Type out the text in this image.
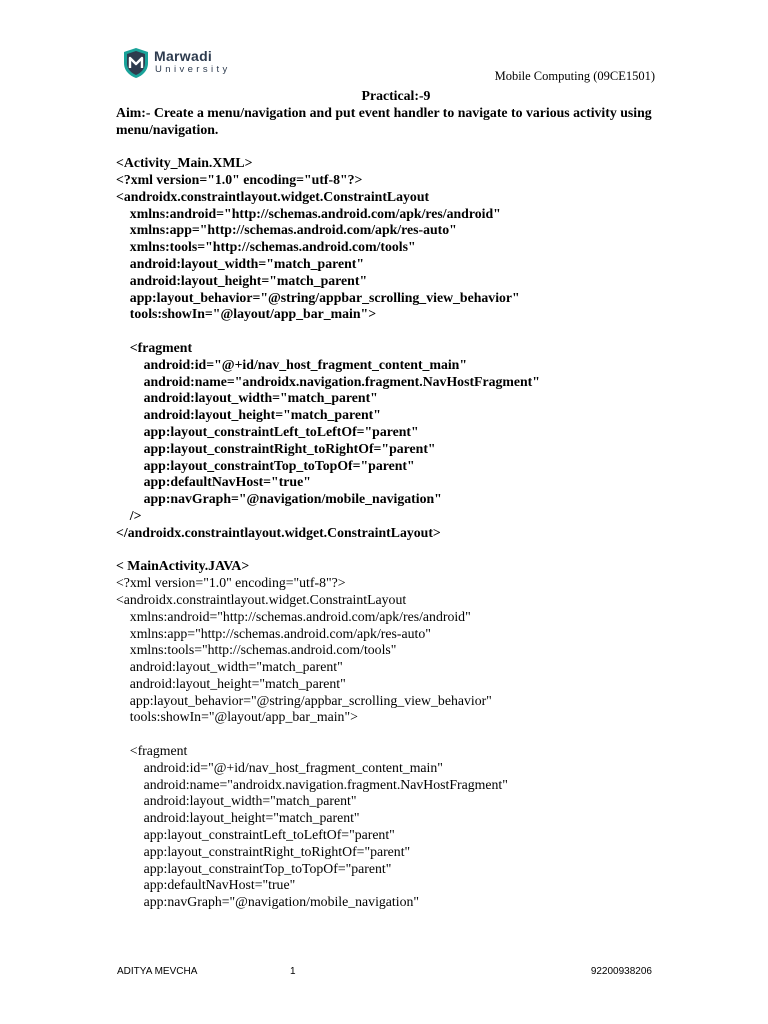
Marwadi
University	Mobile Computing (09CE1501)

Practical:-9

Aim:- Create a menu/navigation and put event handler to navigate to various activity using menu/navigation.

<Activity_Main.XML>

<?xml version="1.0" encoding="utf-8"?>

<androidx.constraintlayout.widget.ConstraintLayout

xmlns:android="http://schemas.android.com/apk/res/android"

xmlns:app="http://schemas.android.com/apk/res-auto"

xmlns:tools="http://schemas.android.com/tools"

android:layout_width="match_parent"

android:layout_height="match_parent"

app:layout_behavior="@string/appbar_scrolling_view_behavior"

tools:showIn="@layout/app_bar_main">

<fragment

android:id="@+id/nav_host_fragment_content_main"

android:name="androidx.navigation.fragment.NavHostFragment"

android:layout_width="match_parent"

android:layout_height="match_parent"

app:layout_constraintLeft_toLeftOf="parent"

app:layout_constraintRight_toRightOf="parent"

app:layout_constraintTop_toTopOf="parent"

app:defaultNavHost="true"

app:navGraph="@navigation/mobile_navigation"

/>

</androidx.constraintlayout.widget.ConstraintLayout>

< MainActivity.JAVA>

<?xml version="1.0" encoding="utf-8"?>

<androidx.constraintlayout.widget.ConstraintLayout

xmlns:android="http://schemas.android.com/apk/res/android"

xmlns:app="http://schemas.android.com/apk/res-auto"

xmlns:tools="http://schemas.android.com/tools"

android:layout_width="match_parent"

android:layout_height="match_parent"

app:layout_behavior="@string/appbar_scrolling_view_behavior"

tools:showIn="@layout/app_bar_main">

<fragment

android:id="@+id/nav_host_fragment_content_main"

android:name="androidx.navigation.fragment.NavHostFragment"

android:layout_width="match_parent"

android:layout_height="match_parent"

app:layout_constraintLeft_toLeftOf="parent"

app:layout_constraintRight_toRightOf="parent"

app:layout_constraintTop_toTopOf="parent"

app:defaultNavHost="true"

app:navGraph="@navigation/mobile_navigation"

ADITYA MEVCHA	1	92200938206
